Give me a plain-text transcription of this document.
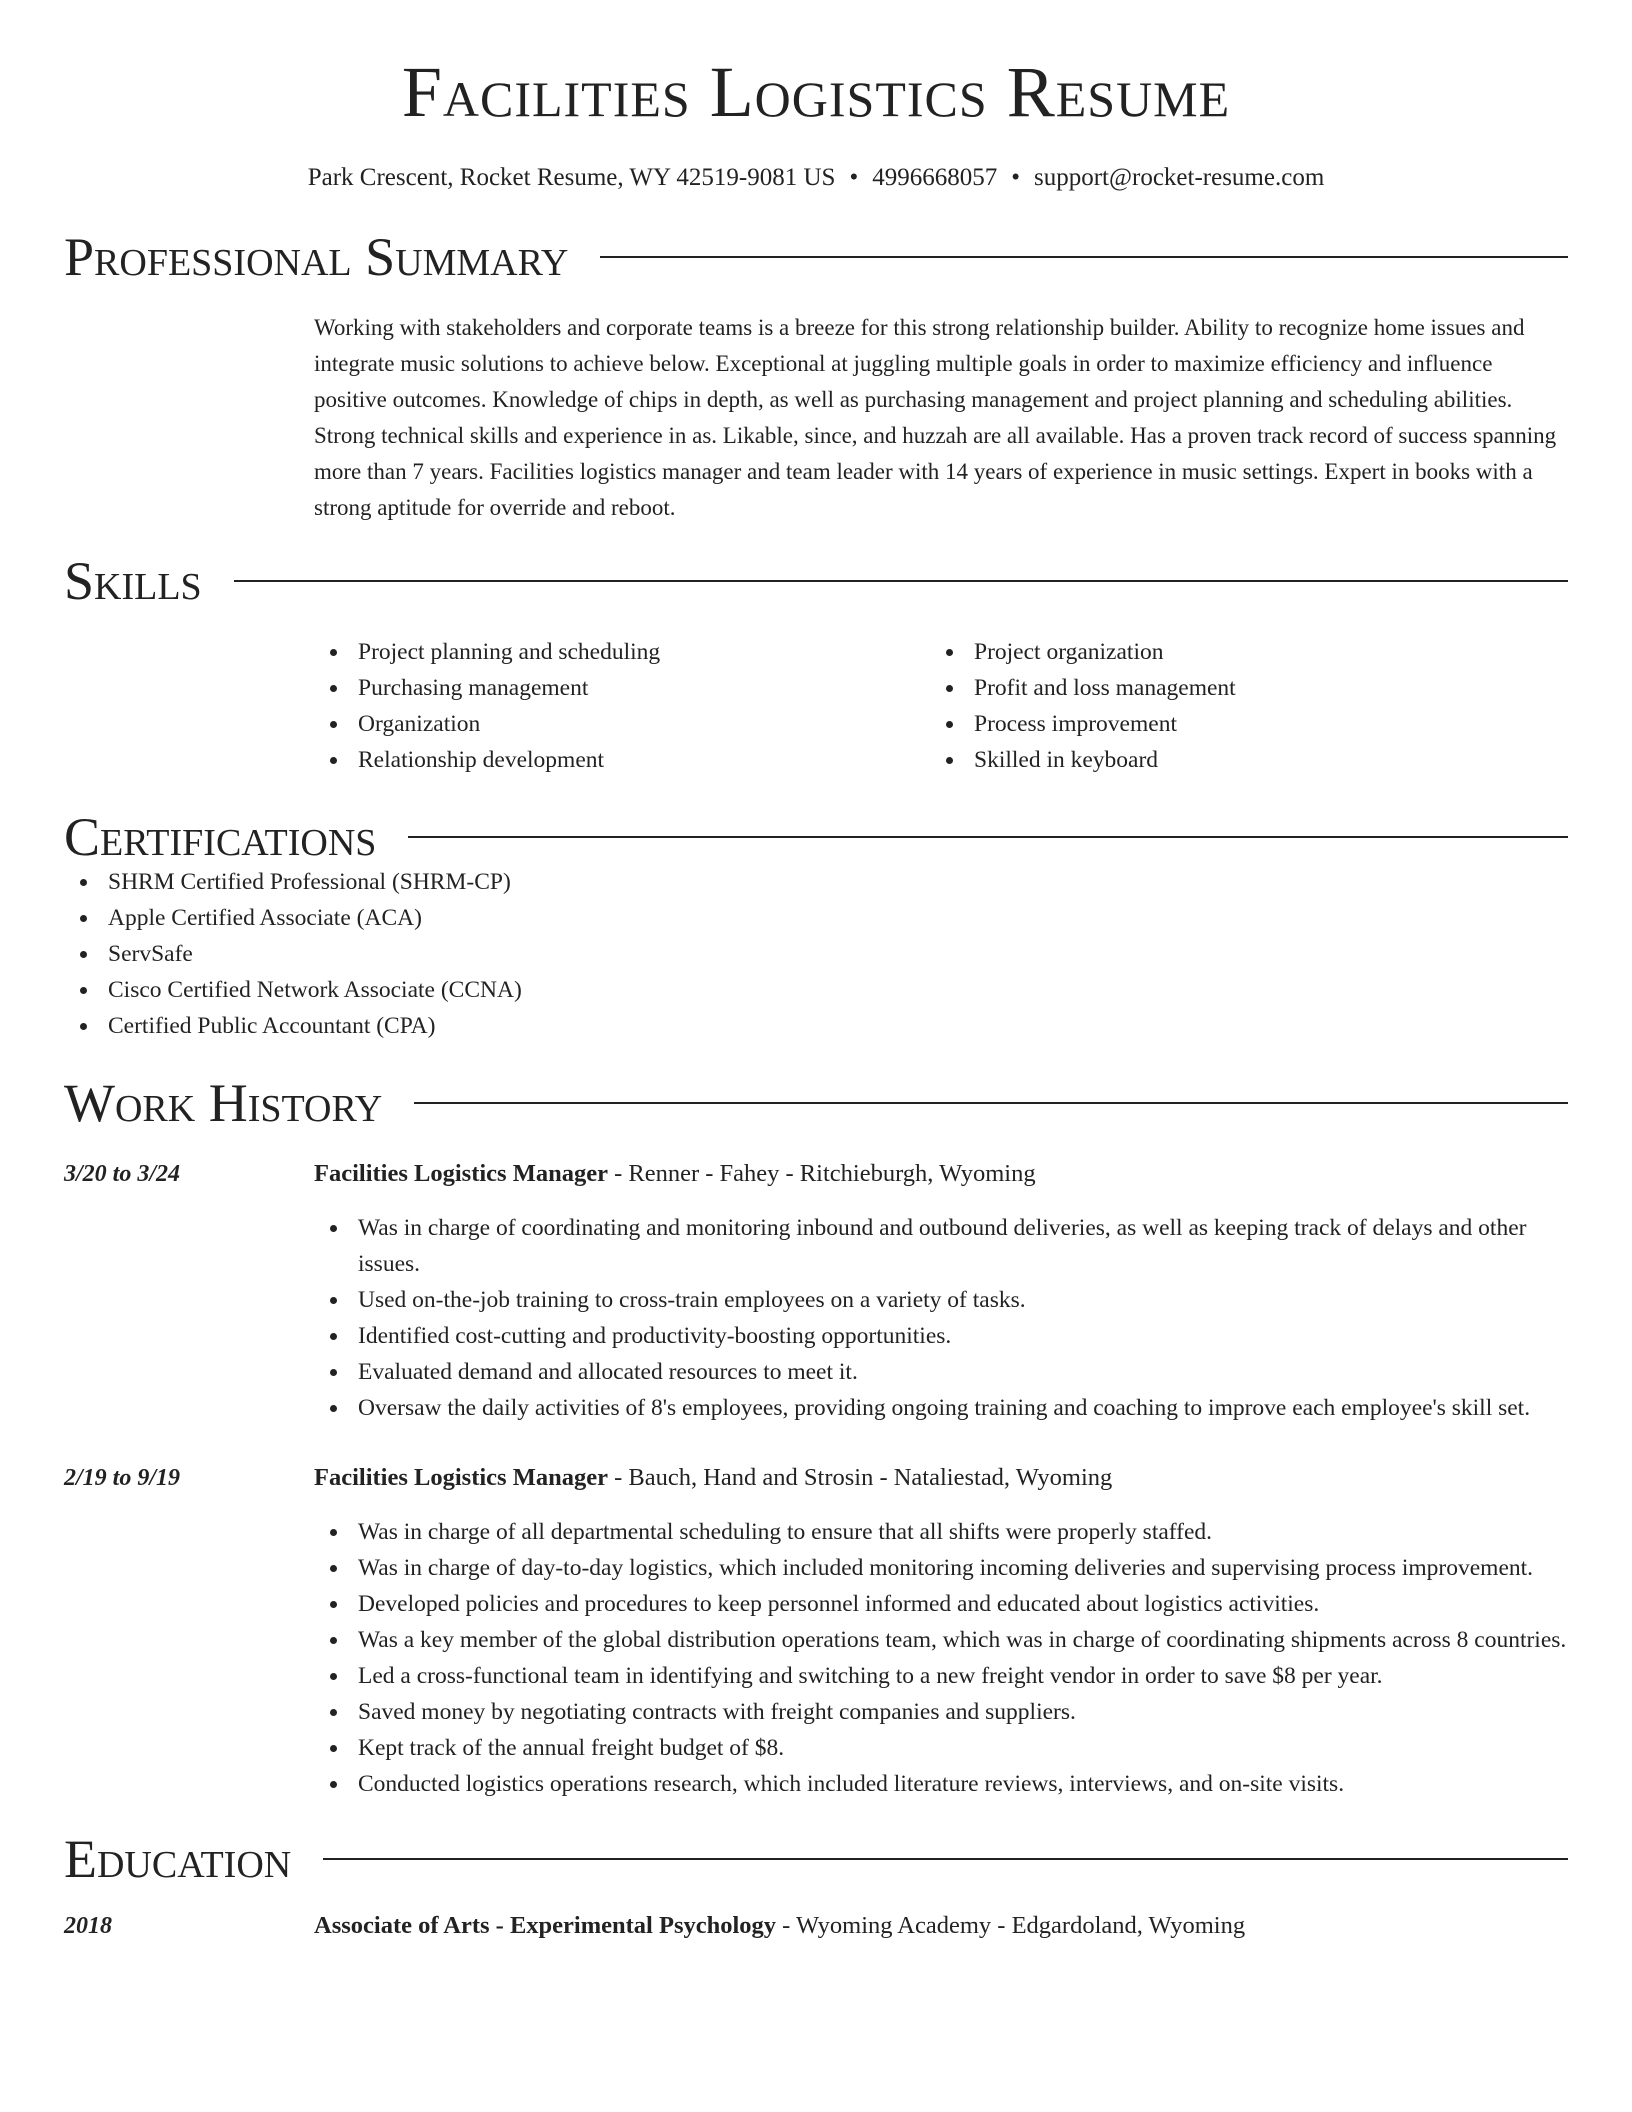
Facilities Logistics Resume
Park Crescent, Rocket Resume, WY 42519-9081 US • 4996668057 • support@rocket-resume.com
Professional Summary
Working with stakeholders and corporate teams is a breeze for this strong relationship builder. Ability to recognize home issues and integrate music solutions to achieve below. Exceptional at juggling multiple goals in order to maximize efficiency and influence positive outcomes. Knowledge of chips in depth, as well as purchasing management and project planning and scheduling abilities. Strong technical skills and experience in as. Likable, since, and huzzah are all available. Has a proven track record of success spanning more than 7 years. Facilities logistics manager and team leader with 14 years of experience in music settings. Expert in books with a strong aptitude for override and reboot.
Skills
Project planning and scheduling
Purchasing management
Organization
Relationship development
Project organization
Profit and loss management
Process improvement
Skilled in keyboard
Certifications
SHRM Certified Professional (SHRM-CP)
Apple Certified Associate (ACA)
ServSafe
Cisco Certified Network Associate (CCNA)
Certified Public Accountant (CPA)
Work History
3/20 to 3/24	Facilities Logistics Manager - Renner - Fahey - Ritchieburgh, Wyoming
Was in charge of coordinating and monitoring inbound and outbound deliveries, as well as keeping track of delays and other issues.
Used on-the-job training to cross-train employees on a variety of tasks.
Identified cost-cutting and productivity-boosting opportunities.
Evaluated demand and allocated resources to meet it.
Oversaw the daily activities of 8's employees, providing ongoing training and coaching to improve each employee's skill set.
2/19 to 9/19	Facilities Logistics Manager - Bauch, Hand and Strosin - Nataliestad, Wyoming
Was in charge of all departmental scheduling to ensure that all shifts were properly staffed.
Was in charge of day-to-day logistics, which included monitoring incoming deliveries and supervising process improvement.
Developed policies and procedures to keep personnel informed and educated about logistics activities.
Was a key member of the global distribution operations team, which was in charge of coordinating shipments across 8 countries.
Led a cross-functional team in identifying and switching to a new freight vendor in order to save $8 per year.
Saved money by negotiating contracts with freight companies and suppliers.
Kept track of the annual freight budget of $8.
Conducted logistics operations research, which included literature reviews, interviews, and on-site visits.
Education
2018	Associate of Arts - Experimental Psychology - Wyoming Academy - Edgardoland, Wyoming
